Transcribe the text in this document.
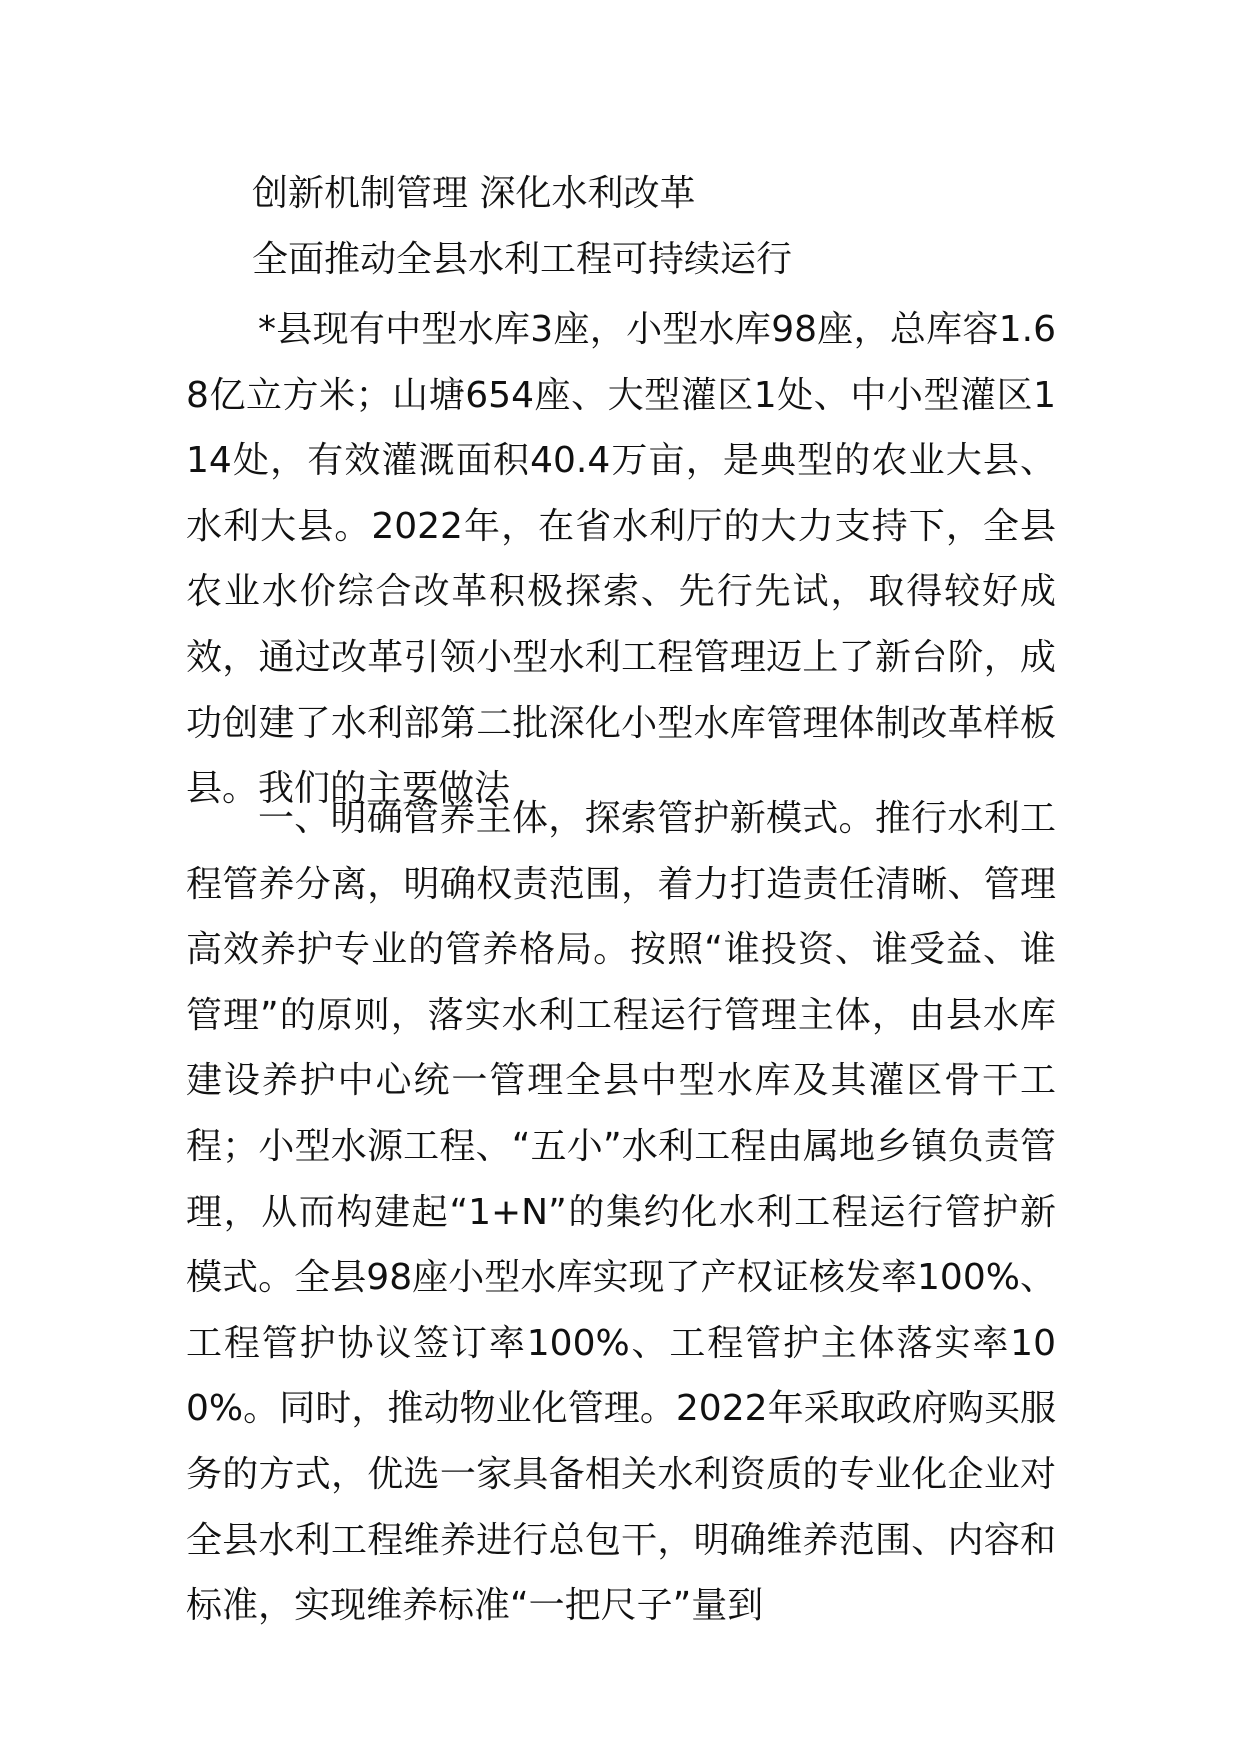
创新机制管理 深化水利改革
全面推动全县水利工程可持续运行

*县现有中型水库3座，小型水库98座，总库容1.68亿立方米；山塘654座、大型灌区1处、中小型灌区114处，有效灌溉面积40.4万亩，是典型的农业大县、水利大县。2022年，在省水利厅的大力支持下，全县农业水价综合改革积极探索、先行先试，取得较好成效，通过改革引领小型水利工程管理迈上了新台阶，成功创建了水利部第二批深化小型水库管理体制改革样板县。我们的主要做法

一、明确管养主体，探索管护新模式。推行水利工程管养分离，明确权责范围，着力打造责任清晰、管理高效养护专业的管养格局。按照“谁投资、谁受益、谁管理”的原则，落实水利工程运行管理主体，由县水库建设养护中心统一管理全县中型水库及其灌区骨干工程；小型水源工程、“五小”水利工程由属地乡镇负责管理，从而构建起“1+N”的集约化水利工程运行管护新模式。全县98座小型水库实现了产权证核发率100%、工程管护协议签订率100%、工程管护主体落实率100%。同时，推动物业化管理。2022年采取政府购买服务的方式，优选一家具备相关水利资质的专业化企业对全县水利工程维养进行总包干，明确维养范围、内容和标准，实现维养标准“一把尺子”量到
